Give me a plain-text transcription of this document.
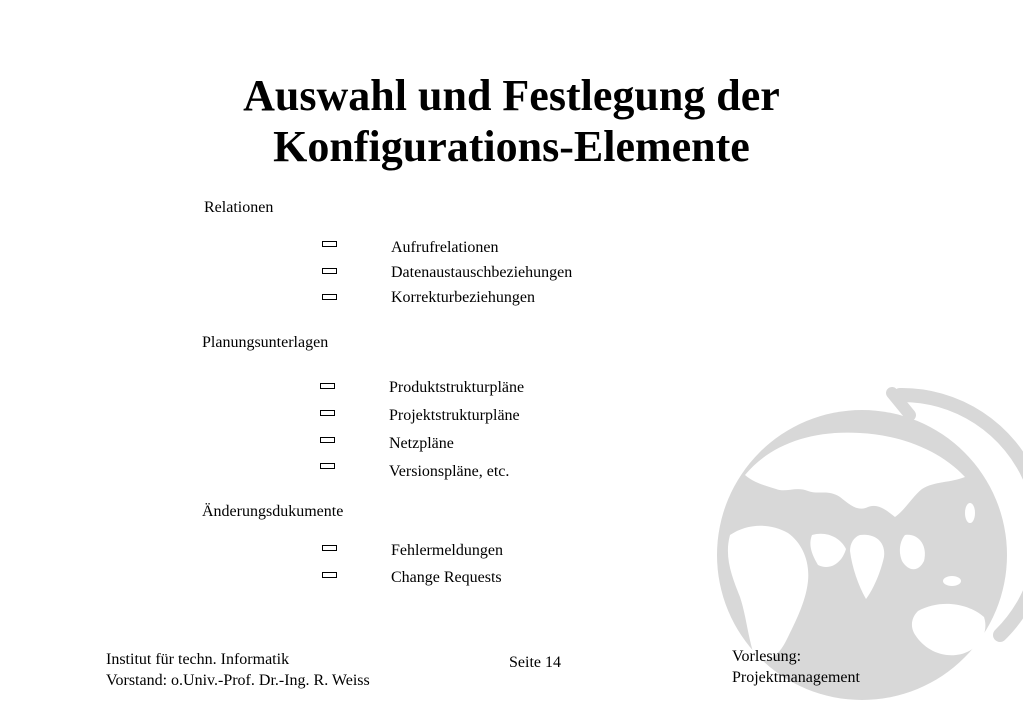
Auswahl und Festlegung der
Konfigurations-Elemente
Relationen
Aufrufrelationen
Datenaustauschbeziehungen
Korrekturbeziehungen
Planungsunterlagen
Produktstrukturpläne
Projektstrukturpläne
Netzpläne
Versionspläne, etc.
Änderungsdukumente
Fehlermeldungen
Change Requests
Institut für techn. Informatik
Vorstand: o.Univ.-Prof. Dr.-Ing. R. Weiss
Seite 14	Vorlesung:
Projektmanagement
